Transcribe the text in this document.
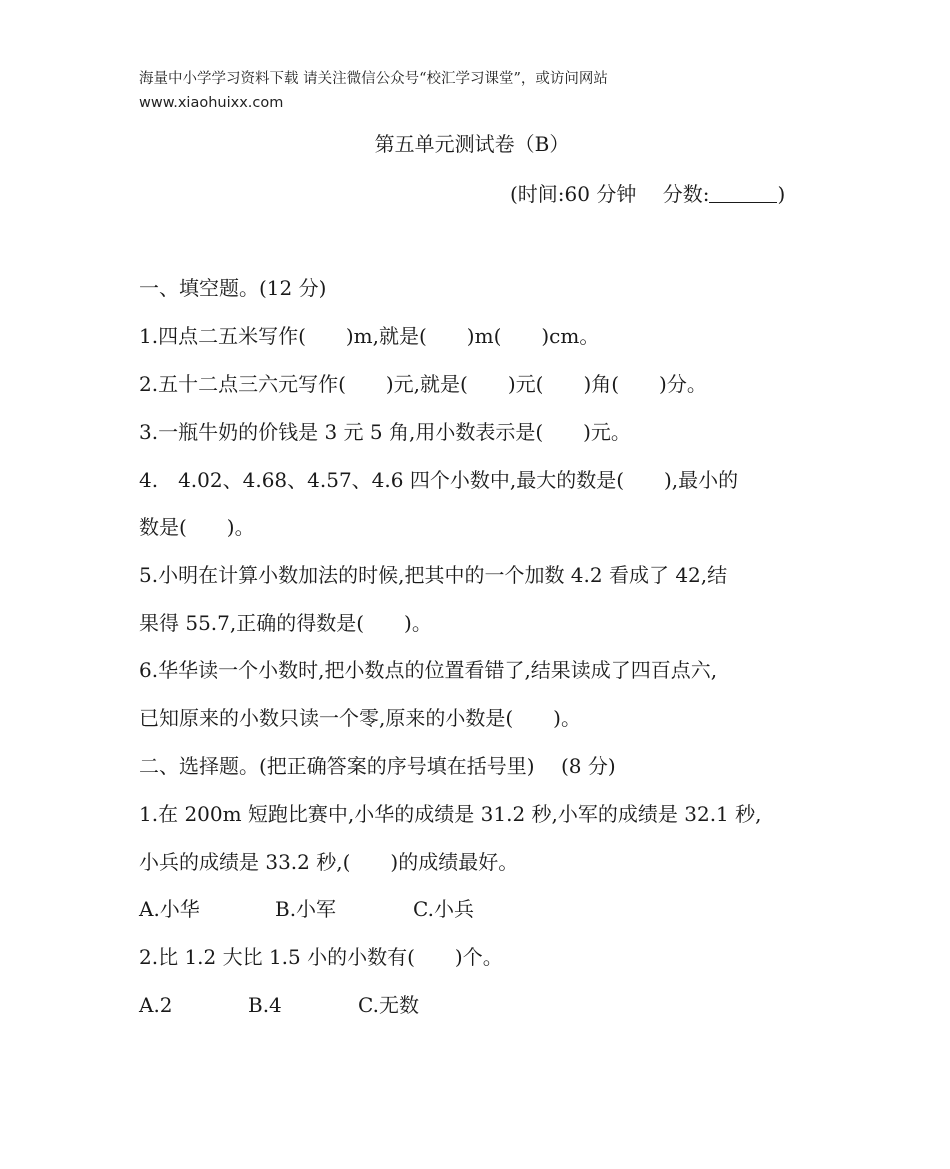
海量中小学学习资料下载 请关注微信公众号“校汇学习课堂”，或访问网站
www.xiaohuixx.com
第五单元测试卷（B）
(时间:60 分钟　 分数:	)
一、填空题。(12 分)
1.四点二五米写作(　　)m,就是(　　)m(　　)cm。
2.五十二点三六元写作(　　)元,就是(　　)元(　　)角(　　)分。
3.一瓶牛奶的价钱是 3 元 5 角,用小数表示是(　　)元。
4.　4.02、4.68、4.57、4.6 四个小数中,最大的数是(　　),最小的
数是(　　)。
5.小明在计算小数加法的时候,把其中的一个加数 4.2 看成了 42,结
果得 55.7,正确的得数是(　　)。
6.华华读一个小数时,把小数点的位置看错了,结果读成了四百点六,
已知原来的小数只读一个零,原来的小数是(　　)。
二、选择题。(把正确答案的序号填在括号里)　 (8 分)
1.在 200m 短跑比赛中,小华的成绩是 31.2 秒,小军的成绩是 32.1 秒,
小兵的成绩是 33.2 秒,(　　)的成绩最好。
A.小华	B.小军	C.小兵
2.比 1.2 大比 1.5 小的小数有(　　)个。
A.2	B.4	C.无数
